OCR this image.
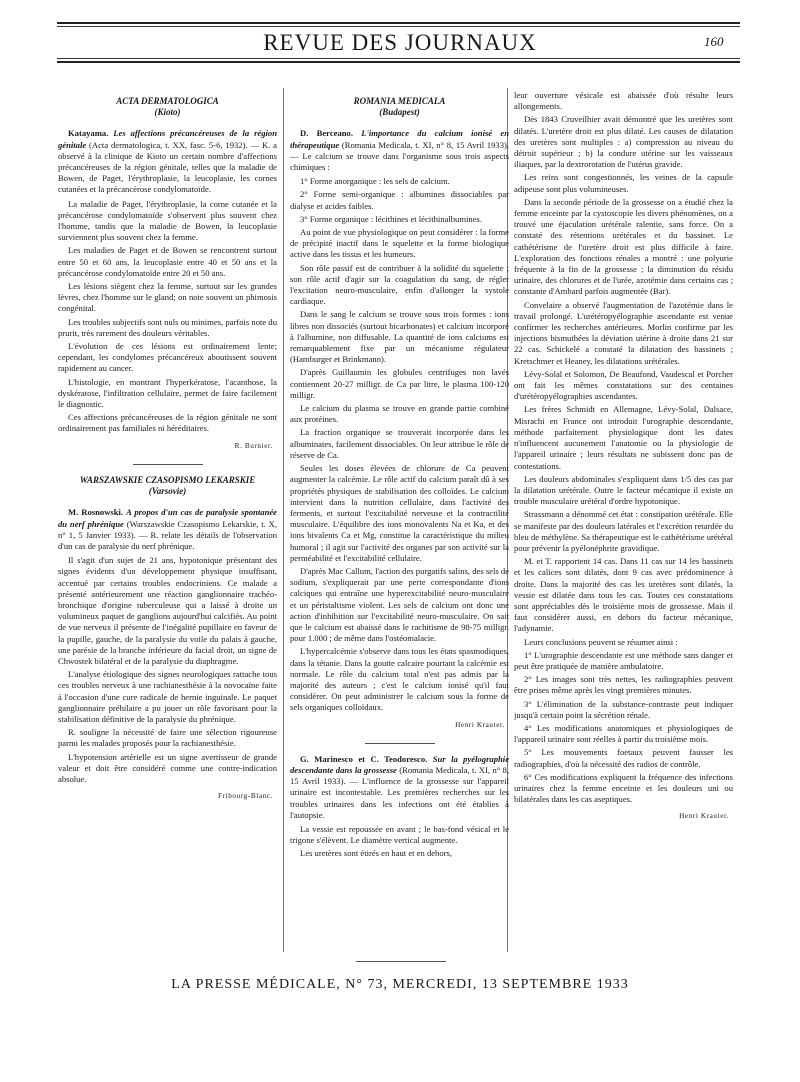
REVUE DES JOURNAUX	160
ACTA DERMATOLOGICA
(Kioto)

Katayama. Les affections précancéreuses de la région génitale (Acta dermatologica, t. XX, fasc. 5-6, 1932). — K. a observé à la clinique de Kioto un certain nombre d'affections précancéreuses de la région génitale, telles que la maladie de Bowen, de Paget, l'érythroplasie, la leucoplasie, les cornes cutanées et la précancérose condylomatoïde.

La maladie de Paget, l'érythroplasie, la corne cutanée et la précancérose condylomatoïde s'observent plus souvent chez l'homme, tandis que la maladie de Bowen, la leucoplasie surviennent plus souvent chez la femme.

Les maladies de Paget et de Bowen se rencontrent surtout entre 50 et 60 ans, la leucoplasie entre 40 et 50 ans et la précancérose condylomatoïde entre 20 et 50 ans.

Les lésions siègent chez la femme, surtout sur les grandes lèvres, chez l'homme sur le gland; on note souvent un phimosis congénital.

Les troubles subjectifs sont nuls ou minimes, parfois note du prurit, très rarement des douleurs véritables.

L'évolution de ces lésions est ordinairement lente; cependant, les condylomes précancéreux aboutissent souvent rapidement au cancer.

L'histologie, en montrant l'hyperkératose, l'acanthose, la dyskératose, l'infiltration cellulaire, permet de faire facilement le diagnostic.

Ces affections précancéreuses de la région génitale ne sont ordinairement pas familiales ni héréditaires.

R. Burnier.
WARSZAWSKIE CZASOPISMO LEKARSKIE
(Varsovie)

M. Rosnowski. A propos d'un cas de paralysie spontanée du nerf phrénique (Warszawskie Czasopismo Lekarskie, t. X, n° 1, 5 Janvier 1933). — R. relate les détails de l'observation d'un cas de paralysie du nerf phrénique.

Il s'agit d'un sujet de 21 ans, hypotonique présentant des signes évidents d'un développement physique insuffisant, accentué par certains troubles endocriniens. Ce malade a présenté antérieurement une réaction ganglionnaire trachéo-bronchique d'origine tuberculeuse qui a laissé à droite un volumineux paquet de ganglions aujourd'hui calcifiés. Au point de vue nerveux il présente de l'inégalité pupillaire en faveur de la pupille, gauche, de la paralysie du voile du palais à gauche, une parésie de la branche inférieure du facial droit, un signe de Chwostek bilatéral et de la paralysie du diaphragme.

L'analyse étiologique des signes neurologiques rattache tous ces troubles nerveux à une rachianesthésie à la novocaïne faite à l'occasion d'une cure radicale de hernie inguinale. Le paquet ganglionnaire préhilaire a pu jouer un rôle favorisant pour la stabilisation définitive de la paralysie du phrénique.

R. souligne la nécessité de faire une sélection rigoureuse parmi les malades proposés pour la rachianesthésie.

L'hypotension artérielle est un signe avertisseur de grande valeur et doit être considéré comme une contre-indication absolue.

Fribourg-Blanc.
ROMANIA MEDICALA
(Budapest)

D. Berceano. L'importance du calcium ionisé en thérapeutique (Romania Medicala, t. XI, n° 8, 15 Avril 1933). — Le calcium se trouve dans l'organisme sous trois aspects chimiques :

1° Forme anorganique : les sels de calcium.

2° Forme semi-organique : albumines dissociables par dialyse et acides faibles.

3° Forme organique : lécithines et lécithinalbumines.

Au point de vue physiologique on peut considérer : la forme de précipité inactif dans le squelette et la forme biologique active dans les tissus et les humeurs.

Son rôle passif est de contribuer à la solidité du squelette ; son rôle actif d'agir sur la coagulation du sang, de régler l'excitation neuro-musculaire, enfin d'allonger la systole cardiaque.

Dans le sang le calcium se trouve sous trois formes : ions libres non dissociés (surtout bicarbonates) et calcium incorporé à l'albumine, non diffusable. La quantité de ions calciums est remarquablement fixe par un mécanisme régulateur (Hamburger et Brinkmann).

D'après Guillaumin les globules centrifuges non lavés contiennent 20-27 milligr. de Ca par litre, le plasma 100-120 milligr.

Le calcium du plasma se trouve en grande partie combiné aux protéines.

La fraction organique se trouverait incorporée dans les albuminates, facilement dissociables. On leur attribue le rôle de réserve de Ca.

Seules les doses élevées de chlorure de Ca peuvent augmenter la calcémie. Le rôle actif du calcium paraît dû à ses propriétés physiques de stabilisation des colloïdes. Le calcium intervient dans la nutrition cellulaire, dans l'activité des ferments, et surtout l'excitabilité nerveuse et la contractilité musculaire. L'équilibre des ions monovalents Na et Ka, et des ions bivalents Ca et Mg, constitue la caractéristique du milieu humoral ; il agit sur l'activité des organes par son activité sur la perméabilité et l'excitabilité cellulaire.

D'après Mac Callum, l'action des purgatifs salins, des sels de sodium, s'expliquerait par une perte correspondante d'ions calciques qui entraîne une hyperexcitabilité neuro-musculaire et un péristaltisme violent. Les sels de calcium ont donc une action d'inhibition sur l'excitabilité neuro-musculaire. On sait que le calcium est abaissé dans le rachitisme de 98-75 milligr. pour 1.000 ; de même dans l'ostéomalacie.

L'hypercalcémie s'observe dans tous les états spasmodiques, dans la tétanie. Dans la goutte calcaire pourtant la calcémie est normale. Le rôle du calcium total n'est pas admis par la majorité des auteurs ; c'est le calcium ionisé qu'il faut considérer. On peut administrer le calcium sous la forme de sels organiques colloïdaux.

Henri Krauter.

G. Marinesco et C. Teodoresco. Sur la pyélographie descendante dans la grossesse (Romania Medicala, t. XI, n° 8, 15 Avril 1933). — L'influence de la grossesse sur l'appareil urinaire est incontestable. Les premières recherches sur les troubles urinaires dans les infections ont été établies à l'autopsie.

La vessie est repoussée en avant ; le bas-fond vésical et le trigone s'élèvent. Le diamètre vertical augmente.

Les uretères sont étirés en haut et en dehors,

leur ouverture vésicale est abaissée d'où résulte leurs allongements.

Dès 1843 Cruveilhier avait démontré que les uretères sont dilatés. L'uretère droit est plus dilaté. Les causes de dilatation des uretères sont multiples : a) compression au niveau du détroit supérieur ; b) la condure utérine sur les vaisseaux iliaques, par la dextrorotation de l'utérus gravide.

Les reins sont congestionnés, les veines de la capsule adipeuse sont plus volumineuses.

Dans la seconde période de la grossesse on a étudié chez la femme enceinte par la cystoscopie les divers phénomènes, on a trouvé une éjaculation urétérale ralentie, sans force. On a constaté des rétentions urétérales et du bassinet. Le cathétérisme de l'uretère droit est plus difficile à faire. L'exploration des fonctions rénales a montré : une polyurie fréquente à la fin de la grossesse ; la diminution du résidu urinaire, des chlorures et de l'urée, azotémie dans certains cas ; constante d'Ambard parfois augmentée (Bar).

Convelaire a observé l'augmentation de l'azotémie dans le travail prolongé. L'urétéropyélographie ascendante est venue confirmer les recherches antérieures. Morlin confirme par les injections bismuthées la déviation utérine à droite dans 21 sur 22 cas. Schickelé a constaté la dilatation des bassinets ; Kretschmer et Heaney, les dilatations urétérales.

Lévy-Solal et Solomon, De Beaufond, Vaudescal et Porcher ont fait les mêmes constatations sur des centaines d'urétéropyélographies ascendantes.

Les frères Schmidt en Allemagne, Lévy-Solal, Dalsace, Misrachi en France ont introduit l'urographie descendante, méthode parfaitement physiologique dont les dates n'influencent aucunement l'anatomie ou la physiologie de l'appareil urinaire ; leurs résultats ne subissent donc pas de contestations.

Les douleurs abdominales s'expliquent dans 1/5 des cas par la dilatation urétérale. Outre le facteur mécanique il existe un trouble musculaire urétéral d'ordre hypotonique.

Strassmann a dénommé cet état : constipation urétérale. Elle se manifeste par des douleurs latérales et l'excrétion retardée du bleu de méthylène. Sa thérapeutique est le cathétérisme urétéral pour prévenir la pyélonéphrite gravidique.

M. et T. rapportent 14 cas. Dans 11 cas sur 14 les bassinets et les calices sont dilatés, dont 9 cas avec prédominence à droite. Dans la majorité des cas les uretères sont dilatés, la vessie est dilatée dans tous les cas. Toutes ces constatations sont appréciables dès le troisième mois de grossesse. Mais il faut considérer aussi, en dehors du facteur mécanique, l'adynamie.

Leurs conclusions peuvent se résumer ainsi :

1° L'urographie descendante est une méthode sans danger et peut être pratiquée de manière ambulatoire.

2° Les images sont très nettes, les radiographies peuvent être prises même après les vingt premières minutes.

3° L'élimination de la substance-contraste peut indiquer jusqu'à certain point la sécrétion rénale.

4° Les modifications anatomiques et physiologiques de l'appareil urinaire sont réelles à partir du troisième mois.

5° Les mouvements foetaux peuvent fausser les radiographies, d'où la nécessité des radios de contrôle.

6° Ces modifications expliquent la fréquence des infections urinaires chez la femme enceinte et les douleurs uni ou bilatérales dans les cas aseptiques.

Henri Krauter.
LA PRESSE MÉDICALE, N° 73, MERCREDI, 13 SEPTEMBRE 1933
